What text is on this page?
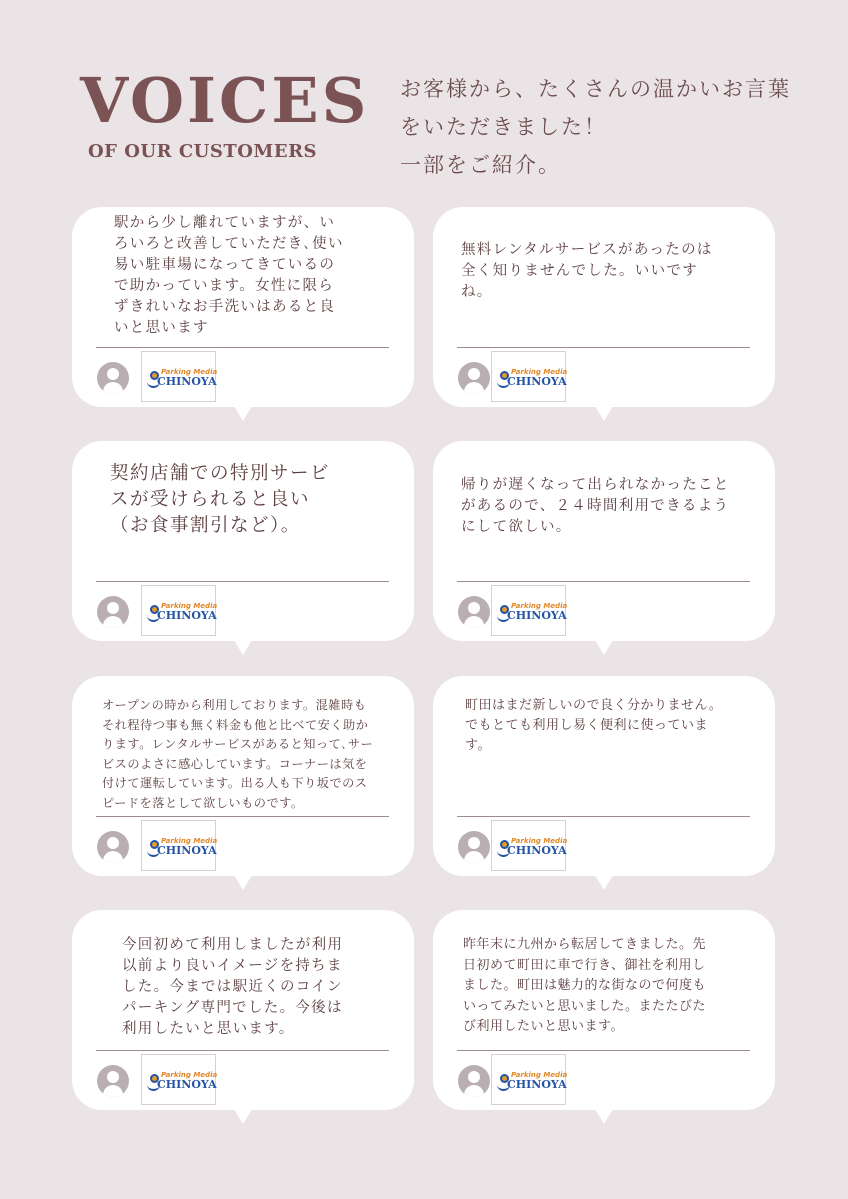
VOICES
OF OUR CUSTOMERS
お客様から、たくさんの温かいお言葉
をいただきました！
一部をご紹介。
駅から少し離れていますが、い
ろいろと改善していただき､使い
易い駐車場になってきているの
で助かっています。女性に限ら
ずきれいなお手洗いはあると良
いと思います
Parking Media
CHINOYA
無料レンタルサービスがあったのは
全く知りませんでした。いいです
ね。
Parking Media
CHINOYA
契約店舗での特別サービ
スが受けられると良い
（お食事割引など）。
Parking Media
CHINOYA
帰りが遅くなって出られなかったこと
があるので、２４時間利用できるよう
にして欲しい。
Parking Media
CHINOYA
オープンの時から利用しております。混雑時も
それ程待つ事も無く料金も他と比べて安く助か
ります。レンタルサービスがあると知って､サー
ビスのよさに感心しています。コーナーは気を
付けて運転しています。出る人も下り坂でのス
ピードを落として欲しいものです。
Parking Media
CHINOYA
町田はまだ新しいので良く分かりません。
でもとても利用し易く便利に使っていま
す。
Parking Media
CHINOYA
今回初めて利用しましたが利用
以前より良いイメージを持ちま
した。今までは駅近くのコイン
パーキング専門でした。今後は
利用したいと思います。
Parking Media
CHINOYA
昨年末に九州から転居してきました。先
日初めて町田に車で行き、御社を利用し
ました。町田は魅力的な街なので何度も
いってみたいと思いました。またたびた
び利用したいと思います。
Parking Media
CHINOYA
